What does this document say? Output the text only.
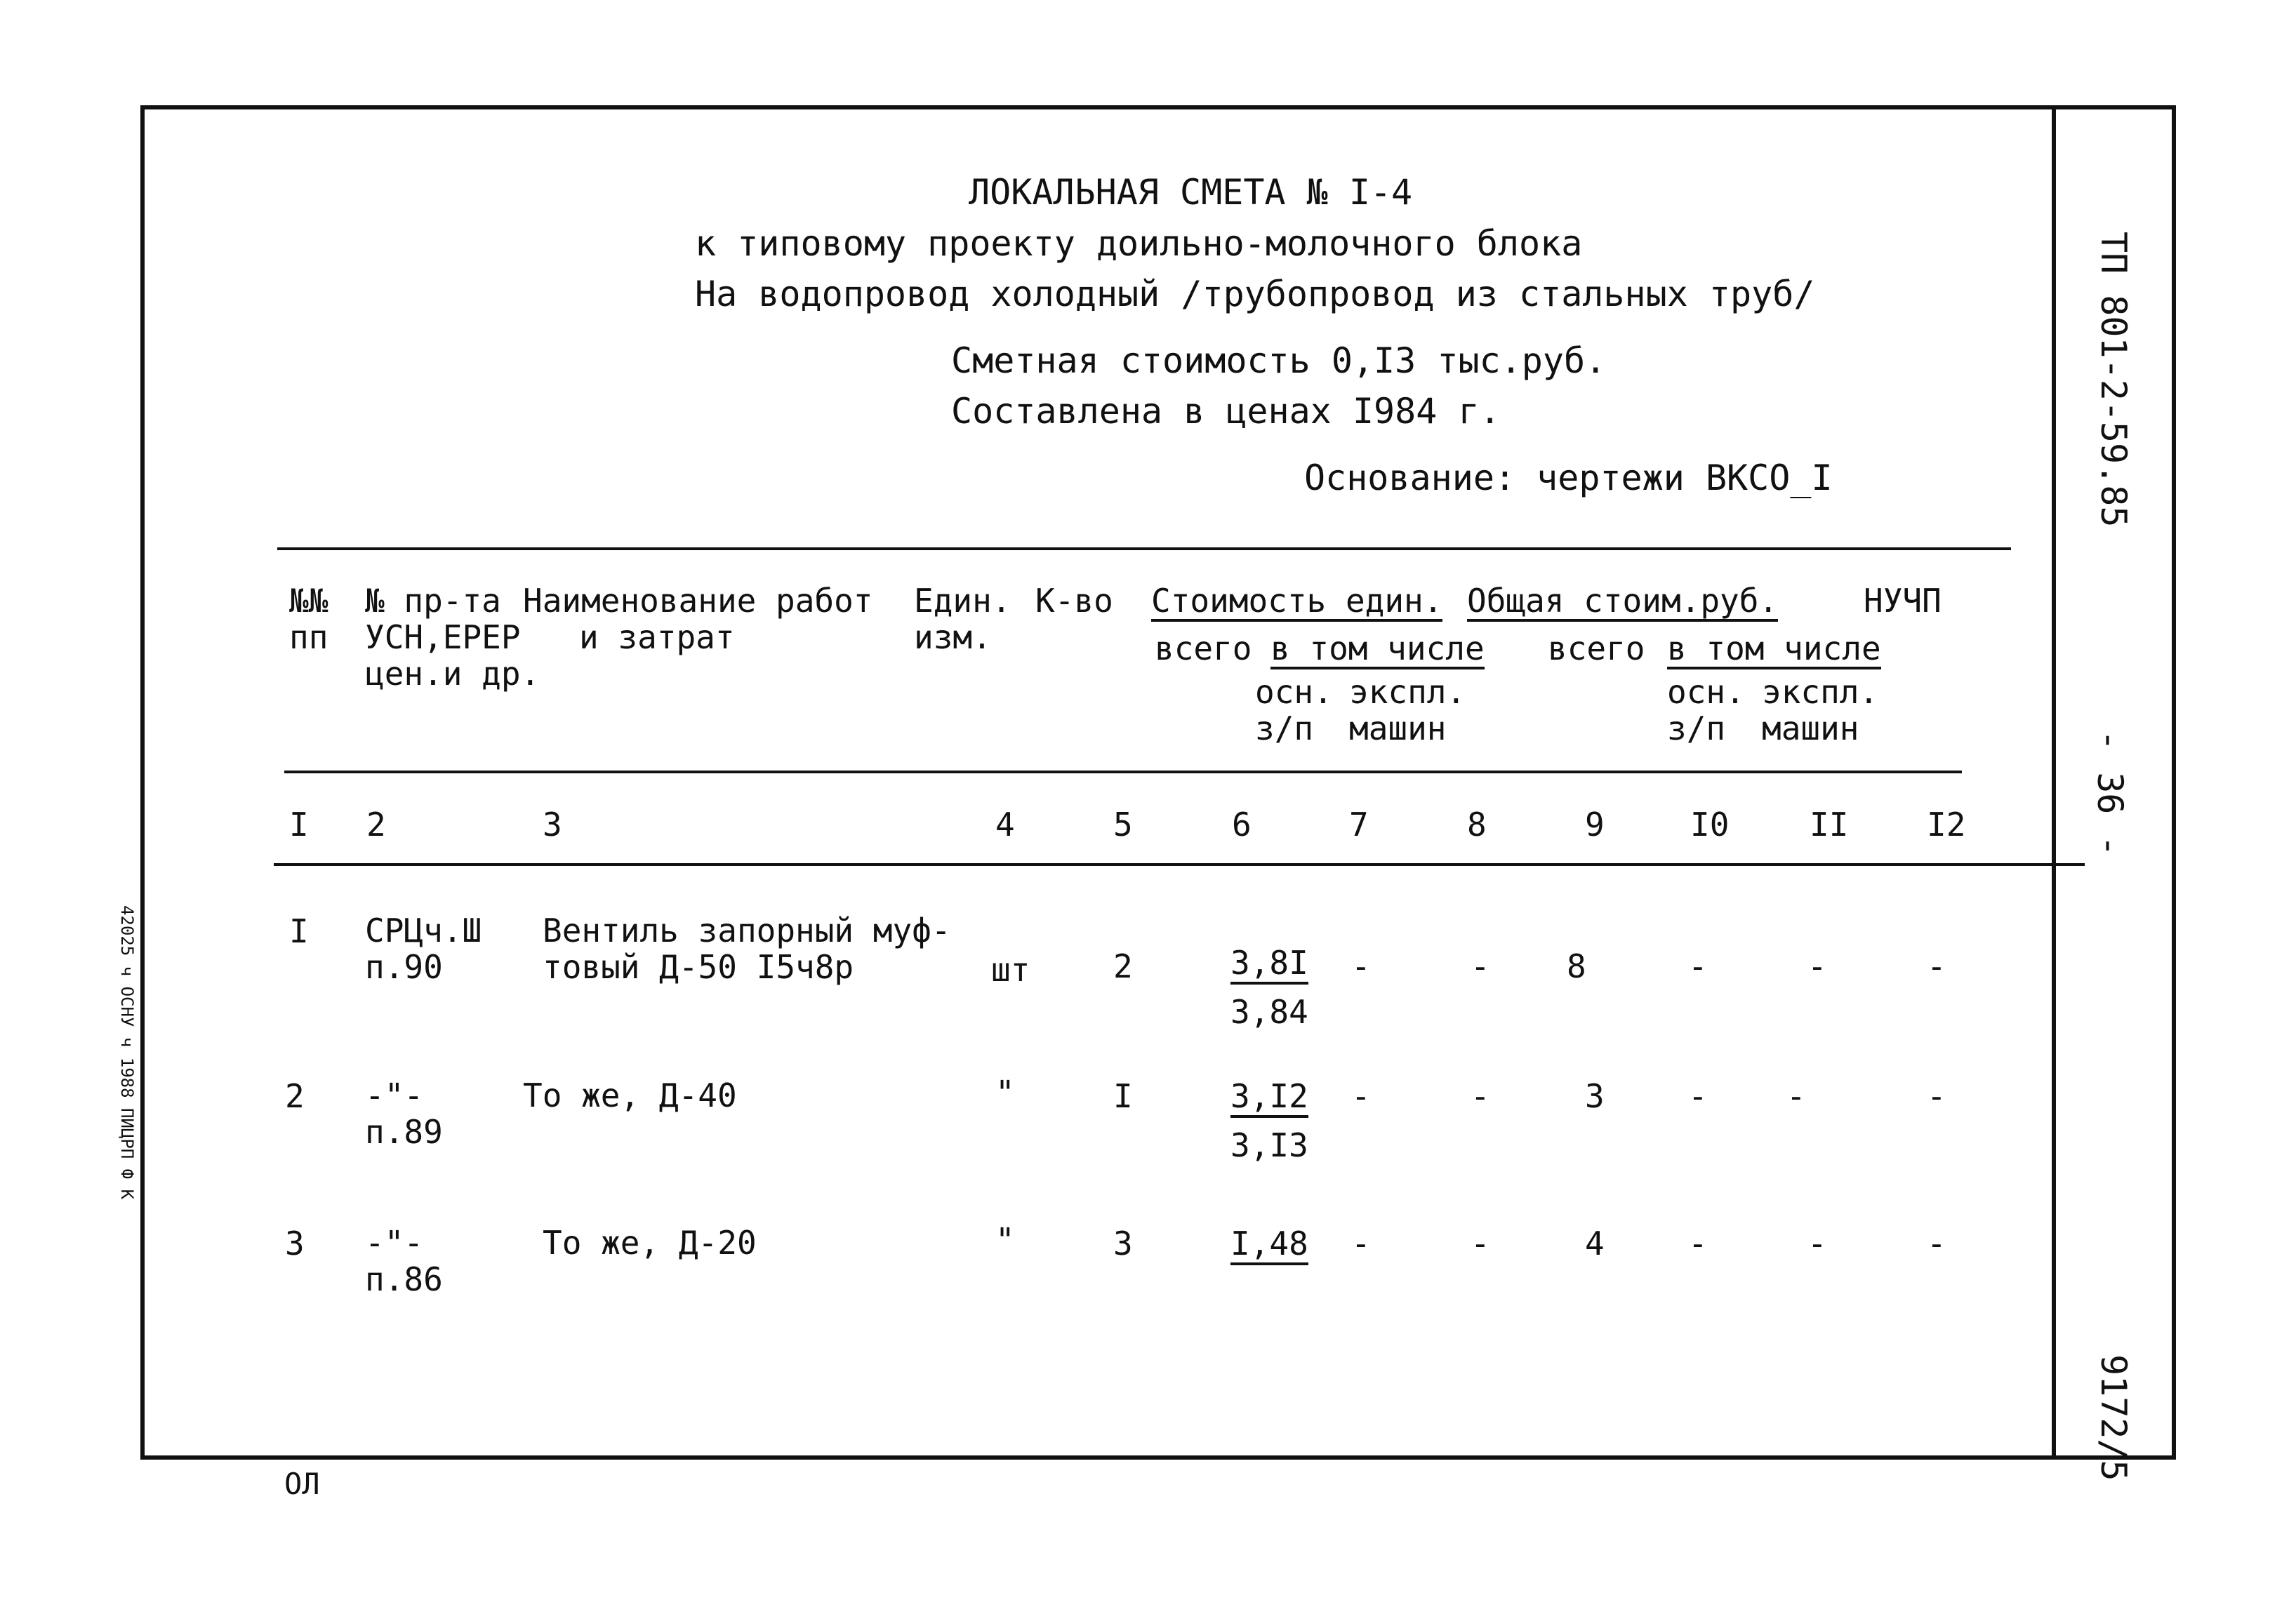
ЛОКАЛЬНАЯ СМЕТА № I-4
к типовому проекту доильно-молочного блока
На водопровод холодный /трубопровод из стальных труб/
Сметная стоимость 0,I3 тыс.руб.
Составлена в ценах I984 г.
Основание: чертежи ВКСО_I
№№
пп
№ пр-та
УСН,ЕРЕР
цен.и др.
Наименование работ
и затрат
Един.
изм.
К-во Стоимость един. Общая стоим.руб.	НУЧП
всего в том числе всего в том числе
осн.
з/п
экспл.
машин
осн.
з/п
экспл.
машин
I 2	3	4	5	6	7	8	9	I0 II I2
I СРЦч.Ш
п.90
Вентиль запорный муф-
товый Д-50 I5ч8р	шт	2	3,8I
3,84
-	- 8	-	-	-
2 -"-
п.89
То же, Д-40	"	I	3,I2
3,I3
-	-	3	- -	-
3 -"-
п.86
То же, Д-20	"	3	I,48 -	-	4	-	-	-
ТП 801-2-59.85
- 36 -
9172/5
42025 ч ОСНУ ч 1988 ПИЦРП Ф К
ОЛ
